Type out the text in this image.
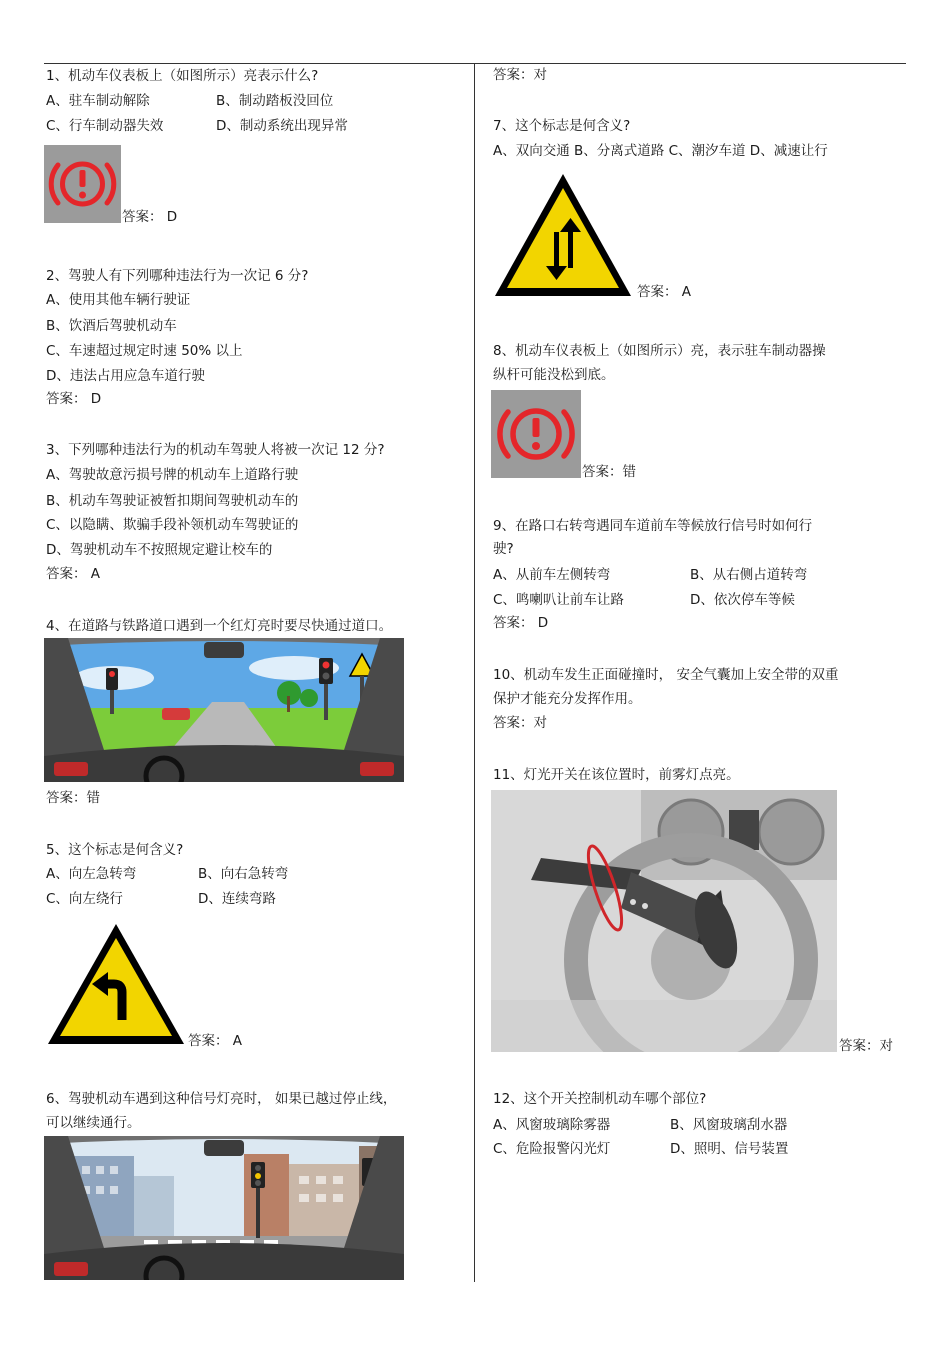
1、机动车仪表板上（如图所示）亮表示什么?
A、驻车制动解除	B、制动踏板没回位
C、行车制动器失效	D、制动系统出现异常
答案： D
2、驾驶人有下列哪种违法行为一次记 6 分?
A、使用其他车辆行驶证
B、饮酒后驾驶机动车
C、车速超过规定时速 50% 以上
D、违法占用应急车道行驶
答案： D
3、下列哪种违法行为的机动车驾驶人将被一次记 12 分?
A、驾驶故意污损号牌的机动车上道路行驶
B、机动车驾驶证被暂扣期间驾驶机动车的
C、以隐瞒、欺骗手段补领机动车驾驶证的
D、驾驶机动车不按照规定避让校车的
答案： A
4、在道路与铁路道口遇到一个红灯亮时要尽快通过道口。
答案：错
5、这个标志是何含义?
A、向左急转弯	B、向右急转弯
C、向左绕行	D、连续弯路
答案： A
6、驾驶机动车遇到这种信号灯亮时， 如果已越过停止线，
可以继续通行。
答案：对
7、这个标志是何含义?
A、双向交通 B、分离式道路 C、潮汐车道 D、减速让行
答案： A
8、机动车仪表板上（如图所示）亮，表示驻车制动器操
纵杆可能没松到底。
答案：错
9、在路口右转弯遇同车道前车等候放行信号时如何行
驶?
A、从前车左侧转弯	B、从右侧占道转弯
C、鸣喇叭让前车让路	D、依次停车等候
答案： D
10、机动车发生正面碰撞时， 安全气囊加上安全带的双重
保护才能充分发挥作用。
答案：对
11、灯光开关在该位置时，前雾灯点亮。
答案：对
12、这个开关控制机动车哪个部位?
A、风窗玻璃除雾器	B、风窗玻璃刮水器
C、危险报警闪光灯	D、照明、信号装置
